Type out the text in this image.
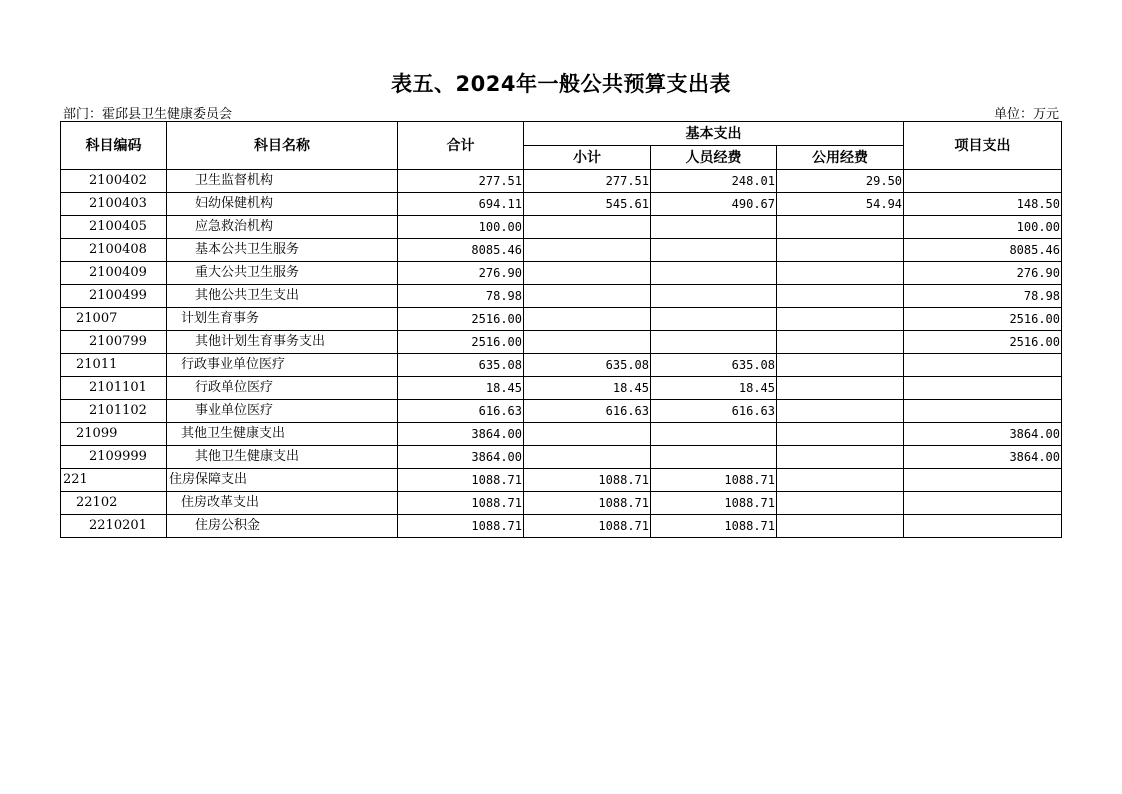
表五、2024年一般公共预算支出表
部门：霍邱县卫生健康委员会	单位：万元
科目编码	科目名称	合计	基本支出			项目支出
			小计	人员经费	公用经费	
2100402	卫生监督机构	277.51	277.51	248.01	29.50	
2100403	妇幼保健机构	694.11	545.61	490.67	54.94	148.50
2100405	应急救治机构	100.00				100.00
2100408	基本公共卫生服务	8085.46				8085.46
2100409	重大公共卫生服务	276.90				276.90
2100499	其他公共卫生支出	78.98				78.98
21007	计划生育事务	2516.00				2516.00
2100799	其他计划生育事务支出	2516.00				2516.00
21011	行政事业单位医疗	635.08	635.08	635.08		
2101101	行政单位医疗	18.45	18.45	18.45		
2101102	事业单位医疗	616.63	616.63	616.63		
21099	其他卫生健康支出	3864.00				3864.00
2109999	其他卫生健康支出	3864.00				3864.00
221	住房保障支出	1088.71	1088.71	1088.71		
22102	住房改革支出	1088.71	1088.71	1088.71		
2210201	住房公积金	1088.71	1088.71	1088.71		
